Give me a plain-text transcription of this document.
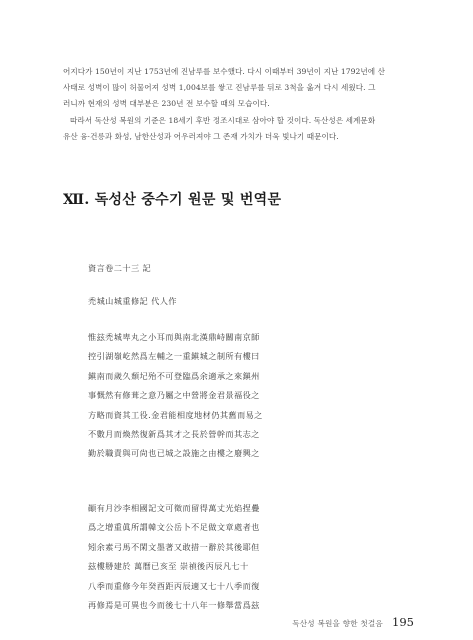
어지다가 150년이 지난 1753년에 진남루를 보수했다. 다시 이때부터 39년이 지난 1792년에 산
사태로 성벽이 많이 허물어져 성벽 1,004보를 쌓고 진남루를 뒤로 3척을 옮겨 다시 세웠다. 그
러니까 현재의 성벽 대부분은 230년 전 보수할 때의 모습이다.
따라서 독산성 복원의 기준은 18세기 후반 정조시대로 삼아야 할 것이다. 독산성은 세계문화
유산 융·건릉과 화성, 남한산성과 어우러져야 그 존재 가치가 더욱 빛나기 때문이다.
Ⅻ. 독성산 중수기 원문 및 번역문
資言卷二十三 記
禿城山城重修記 代人作
惟玆禿城卑丸之小耳而與南北漢鼎峙關南京師
控引湖嶺屹然爲左輔之一重鎭城之制所有樓曰
鎭南而歲久頹圮殆不可登臨爲余適承之來鎭州
事慨然有修葺之意乃屬之中營將金君景福役之
方略而資其工役.金君能相度地材仍其舊而易之
不數月而煥然復新爲其才之長於營幹而其志之
勤於職責與可尙也已城之設施之由樓之廢興之
顚有月沙李相國記文可徵而留得萬丈光焰捏疊
爲之增重眞所謂韓文公岳卜不足做文章處者也
矧余素弓馬不閑文墨著又敢措一辭於其後耶但
玆樓刱建於 萬曆已亥至 崇禎後丙辰凡七十
八季而重修今年癸酉距丙辰適又七十八季而復
再修焉是可異也今而後七十八年一修舉當爲玆
독산성 복원을 향한 첫걸음 195
